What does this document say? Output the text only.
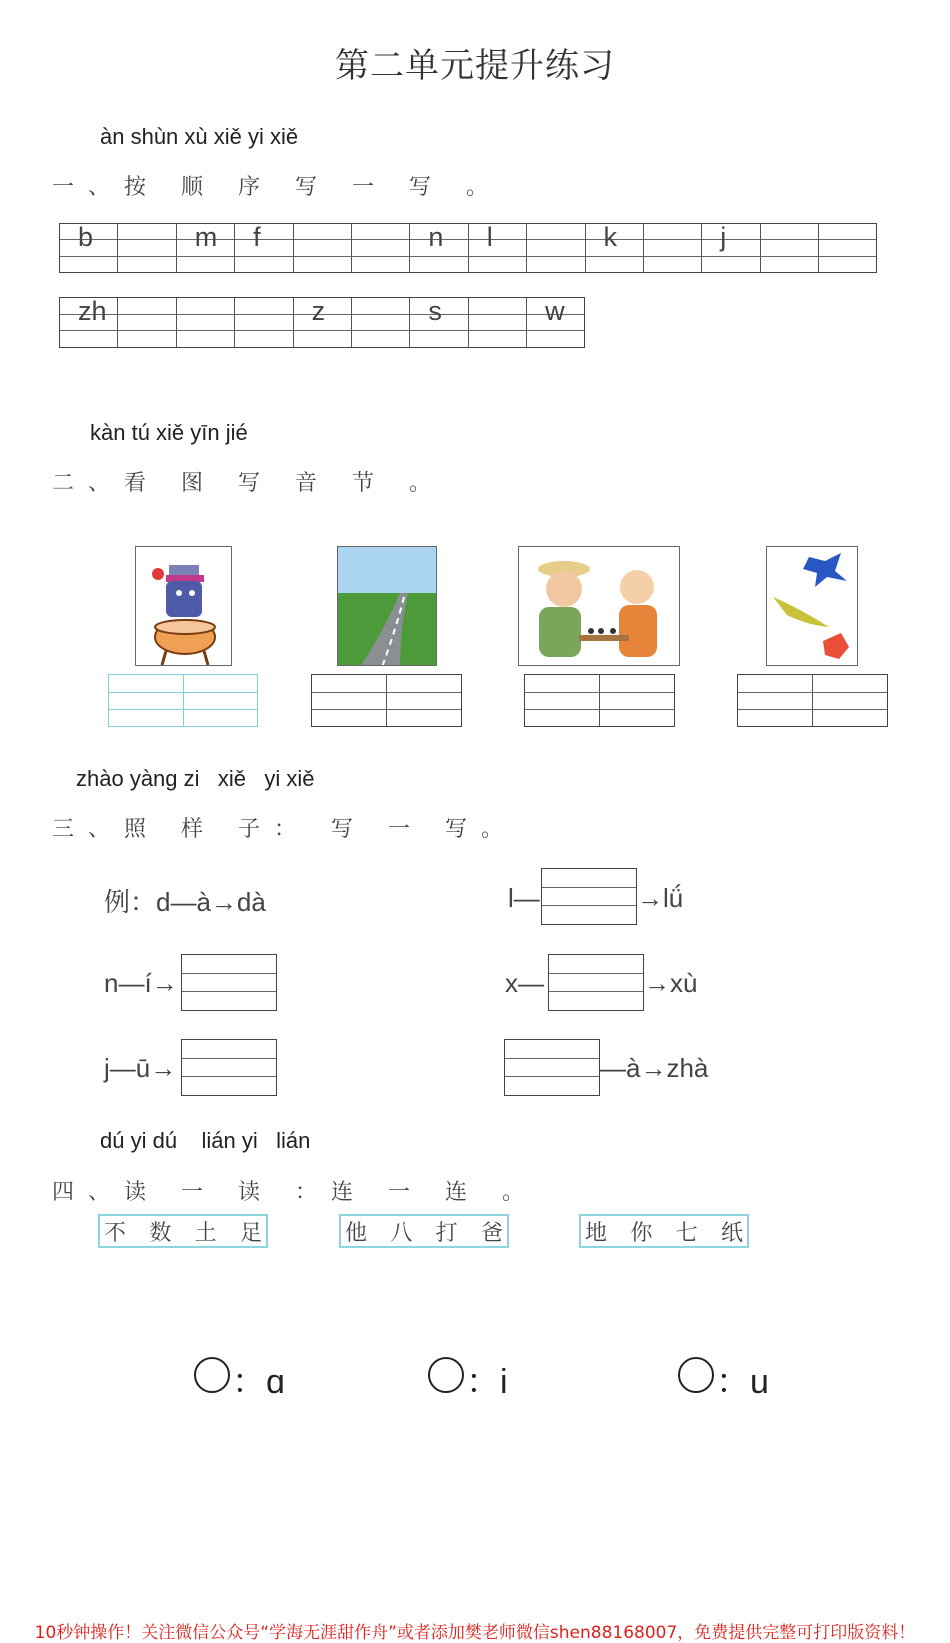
第二单元提升练习
àn shùn xù xiě yi xiě
一、按 顺 序 写 一 写 。
b	m f	n l	k	j
zh	z	s	w
kàn tú xiě yīn jié
二、看 图 写 音 节 。
zhào yàng zi   xiě   yi xiě
三、照 样 子： 写 一 写。
例：d—à→dà
n—í→
j—ū→
l—	→lǘ
x—	→xù
—à→zhà
dú yi dú    lián yi   lián
四、读 一 读 ：连 一 连 。
不 数 土 足	他 八 打 爸	地 你 七 纸
：ɑ	：i	：u
10秒钟操作！关注微信公众号“学海无涯甜作舟”或者添加樊老师微信shen88168007，免费提供完整可打印版资料！
